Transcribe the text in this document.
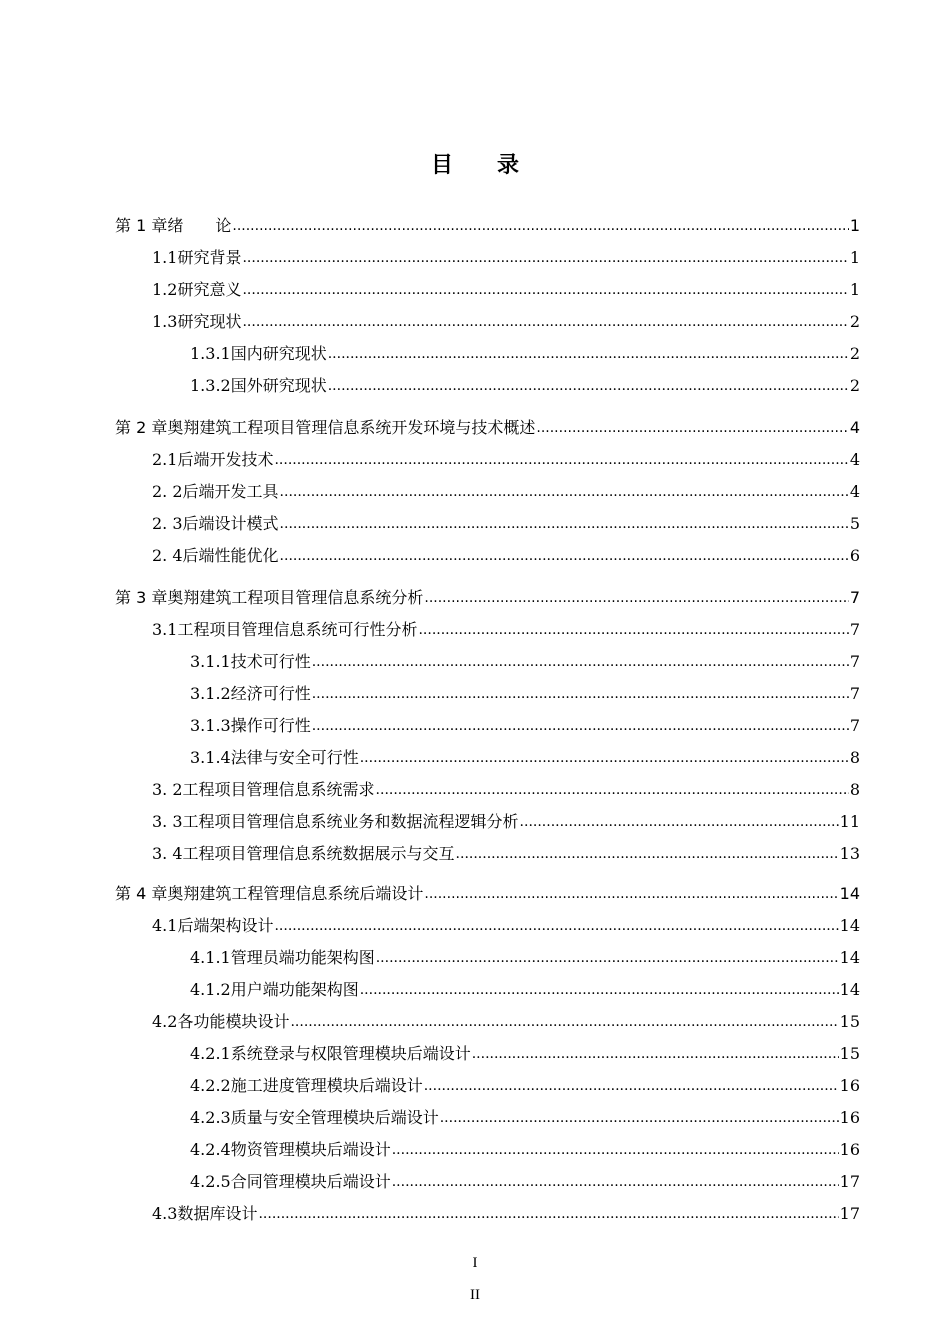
目　　录
第 1 章 绪　　论 .....	1
1.1 研究背景 .....	1
1.2 研究意义 .....	1
1.3 研究现状 .....	2
1.3.1 国内研究现状 .....	2
1.3.2 国外研究现状 .....	2
第 2 章 奥翔建筑工程项目管理信息系统开发环境与技术概述 .....	4
2.1 后端开发技术 .....	4
2. 2 后端开发工具 .....	4
2. 3 后端设计模式 .....	5
2. 4 后端性能优化 .....	6
第 3 章 奥翔建筑工程项目管理信息系统分析 .....	7
3.1 工程项目管理信息系统可行性分析 .....	7
3.1.1 技术可行性 .....	7
3.1.2 经济可行性 .....	7
3.1.3 操作可行性 .....	7
3.1.4 法律与安全可行性 .....	8
3. 2 工程项目管理信息系统需求 .....	8
3. 3 工程项目管理信息系统业务和数据流程逻辑分析 .....	11
3. 4 工程项目管理信息系统数据展示与交互 .....	13
第 4 章 奥翔建筑工程管理信息系统后端设计 .....	14
4.1 后端架构设计 .....	14
4.1.1 管理员端功能架构图 .....	14
4.1.2 用户端功能架构图 .....	14
4.2 各功能模块设计 .....	15
4.2.1 系统登录与权限管理模块后端设计 .....	15
4.2.2 施工进度管理模块后端设计 .....	16
4.2.3 质量与安全管理模块后端设计 .....	16
4.2.4 物资管理模块后端设计 .....	16
4.2.5 合同管理模块后端设计 .....	17
4.3 数据库设计 .....	17
I
II
